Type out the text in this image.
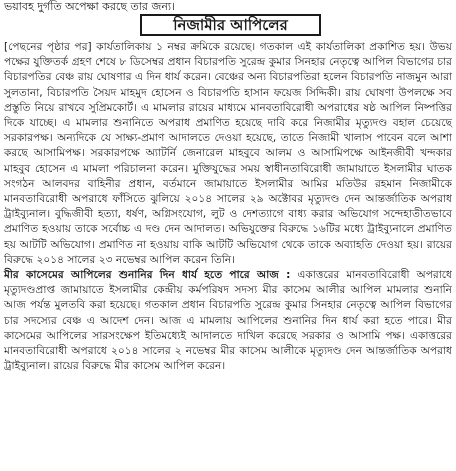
ভয়াবহ দুর্গতি অপেক্ষা করছে তার জন্য।
নিজামীর আপিলের

[পেছনের পৃষ্ঠার পর] কার্যতালিকায় ১ নম্বর ক্রমিকে রয়েছে। গতকাল এই কার্যতালিকা প্রকাশিত হয়। উভয় পক্ষের যুক্তিতর্ক গ্রহণ শেষে ৮ ডিসেম্বর প্রধান বিচারপতি সুরেন্দ্র কুমার সিনহার নেতৃত্বে আপিল বিভাগের চার বিচারপতির বেঞ্চ রায় ঘোষণার এ দিন ধার্য করেন। বেঞ্চের অন্য বিচারপতিরা হলেন বিচারপতি নাজমুন আরা সুলতানা, বিচারপতি সৈয়দ মাহমুদ হোসেন ও বিচারপতি হাসান ফয়েজ সিদ্দিকী। রায় ঘোষণা উপলক্ষে সব প্রস্তুতি নিয়ে রাখবে সুপ্রিমকোর্ট। এ মামলার রায়ের মাধ্যমে মানবতাবিরোধী অপরাধের ষষ্ঠ আপিল নিষ্পত্তির দিকে যাচ্ছে। এ মামলার শুনানিতে অপরাধ প্রমাণিত হয়েছে দাবি করে নিজামীর মৃত্যুদণ্ড বহাল চেয়েছে সরকারপক্ষ। অন্যদিকে যে সাক্ষ্য-প্রমাণ আদালতে দেওয়া হয়েছে, তাতে নিজামী খালাস পাবেন বলে আশা করছে আসামিপক্ষ। সরকারপক্ষে অ্যাটর্নি জেনারেল মাহবুবে আলম ও আসামিপক্ষে আইনজীবী খন্দকার মাহবুব হোসেন এ মামলা পরিচালনা করেন। মুক্তিযুদ্ধের সময় স্বাধীনতাবিরোধী জামায়াতে ইসলামীর ঘাতক সংগঠন আলবদর বাহিনীর প্রধান, বর্তমানে জামায়াতে ইসলামীর আমির মতিউর রহমান নিজামীকে মানবতাবিরোধী অপরাধে ফাঁসিতে ঝুলিয়ে ২০১৪ সালের ২৯ অক্টোবর মৃত্যুদণ্ড দেন আন্তর্জাতিক অপরাধ ট্রাইব্যুনাল। বুদ্ধিজীবী হত্যা, ধর্ষণ, অগ্নিসংযোগ, লুট ও দেশত্যাগে বাধ্য করার অভিযোগ সন্দেহাতীতভাবে প্রমাণিত হওয়ায় তাকে সর্বোচ্চ এ দণ্ড দেন আদালত। অভিযুক্তের বিরুদ্ধে ১৬টির মধ্যে ট্রাইব্যুনালে প্রমাণিত হয় আটটি অভিযোগ। প্রমাণিত না হওয়ায় বাকি আটটি অভিযোগ থেকে তাকে অব্যাহতি দেওয়া হয়। রায়ের বিরুদ্ধে ২০১৪ সালের ২৩ নভেম্বর আপিল করেন তিনি।

মীর কাসেমের আপিলের শুনানির দিন ধার্য হতে পারে আজ : একাত্তরের মানবতাবিরোধী অপরাধে মৃত্যুদণ্ডপ্রাপ্ত জামায়াতে ইসলামীর কেন্দ্রীয় কর্মপরিষদ সদস্য মীর কাসেম আলীর আপিল মামলার শুনানি আজ পর্যন্ত মুলতবি করা হয়েছে। গতকাল প্রধান বিচারপতি সুরেন্দ্র কুমার সিনহার নেতৃত্বে আপিল বিভাগের চার সদস্যের বেঞ্চ এ আদেশ দেন। আজ এ মামলায় আপিলের শুনানির দিন ধার্য করা হতে পারে। মীর কাসেমের আপিলের সারসংক্ষেপ ইতিমধ্যেই আদালতে দাখিল করেছে সরকার ও আসামি পক্ষ। একাত্তরের মানবতাবিরোধী অপরাধে ২০১৪ সালের ২ নভেম্বর মীর কাসেম আলীকে মৃত্যুদণ্ড দেন আন্তর্জাতিক অপরাধ ট্রাইব্যুনাল। রায়ের বিরুদ্ধে মীর কাসেম আপিল করেন।
